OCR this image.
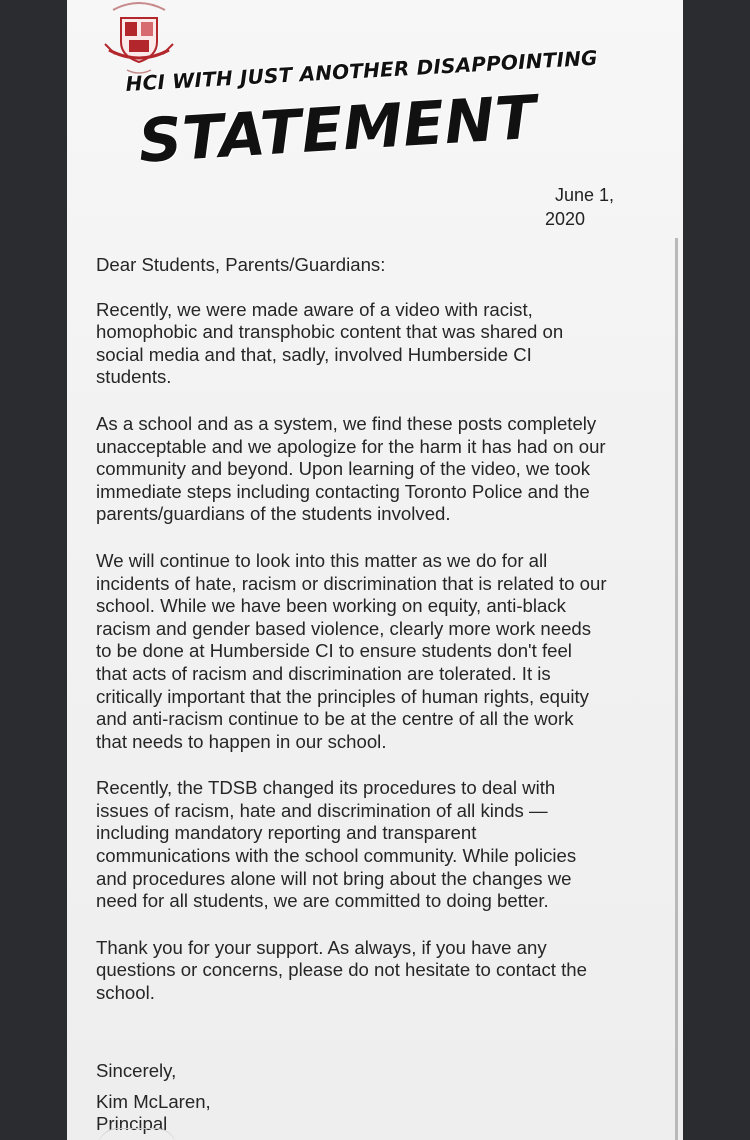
June 1,
2020

Dear Students, Parents/Guardians:

Recently, we were made aware of a video with racist,
homophobic and transphobic content that was shared on
social media and that, sadly, involved Humberside CI
students.

As a school and as a system, we find these posts completely
unacceptable and we apologize for the harm it has had on our
community and beyond. Upon learning of the video, we took
immediate steps including contacting Toronto Police and the
parents/guardians of the students involved.

We will continue to look into this matter as we do for all
incidents of hate, racism or discrimination that is related to our
school. While we have been working on equity, anti-black
racism and gender based violence, clearly more work needs
to be done at Humberside CI to ensure students don't feel
that acts of racism and discrimination are tolerated. It is
critically important that the principles of human rights, equity
and anti-racism continue to be at the centre of all the work
that needs to happen in our school.

Recently, the TDSB changed its procedures to deal with
issues of racism, hate and discrimination of all kinds —
including mandatory reporting and transparent
communications with the school community. While policies
and procedures alone will not bring about the changes we
need for all students, we are committed to doing better.

Thank you for your support. As always, if you have any
questions or concerns, please do not hesitate to contact the
school.

Sincerely,
Kim McLaren,
Principal
HCI WITH JUST ANOTHER DISAPPOINTING
STATEMENT
